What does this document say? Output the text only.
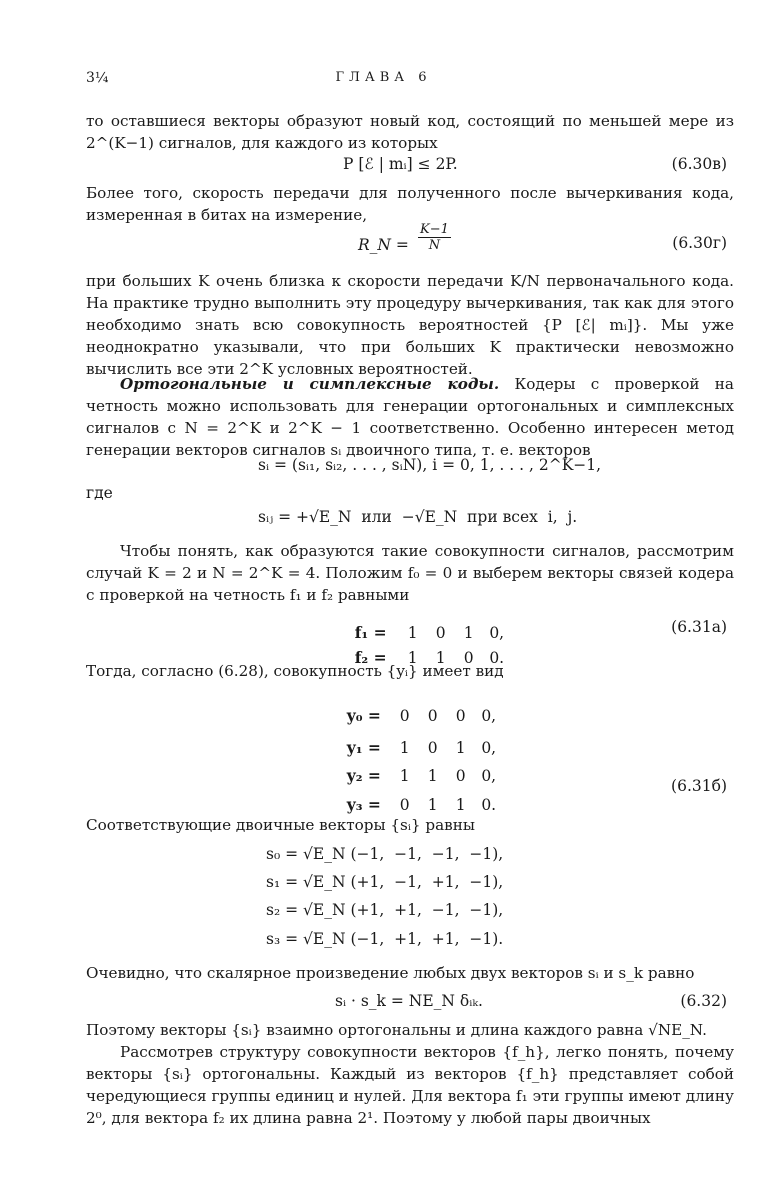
3¼	ГЛАВА 6
то оставшиеся векторы образуют новый код, состоящий по меньшей мере из 2^(K−1) сигналов, для каждого из которых
P [ℰ | mᵢ] ≤ 2P.	(6.30в)
Более того, скорость передачи для полученного после вычеркивания кода, измеренная в битах на измерение,
R_N = $\frac{K-1}{N}$	(6.30г)
при больших K очень близка к скорости передачи K/N первоначального кода. На практике трудно выполнить эту процедуру вычеркивания, так как для этого необходимо знать всю совокупность вероятностей {P [ℰ| mᵢ]}. Мы уже неоднократно указывали, что при больших K практически невозможно вычислить все эти 2^K условных вероятностей.
Ортогональные и симплексные коды. Кодеры с проверкой на четность можно использовать для генерации ортогональных и симплексных сигналов с N = 2^K и 2^K − 1 соответственно. Особенно интересен метод генерации векторов сигналов sᵢ двоичного типа, т. е. векторов
sᵢ = (sᵢ₁, sᵢ₂, . . . , sᵢN), i = 0, 1, . . . , 2^K−1,
где
sᵢⱼ = +√E_N  или  −√E_N  при всех  i,  j.
Чтобы понять, как образуются такие совокупности сигналов, рассмотрим случай K = 2 и N = 2^K = 4. Положим f₀ = 0 и выберем векторы связей кодера с проверкой на четность f₁ и f₂ равными

f₁ = 1 0 1 0,

f₂ = 1 1 0 0.

(6.31а)
Тогда, согласно (6.28), совокупность {yᵢ} имеет вид

y₀ = 0 0 0 0,

y₁ = 1 0 1 0,

y₂ = 1 1 0 0,

y₃ = 0 1 1 0.

(6.31б)
Соответствующие двоичные векторы {sᵢ} равны
s₀ = √E_N (−1,  −1,  −1,  −1),
s₁ = √E_N (+1,  −1,  +1,  −1),
s₂ = √E_N (+1,  +1,  −1,  −1),
s₃ = √E_N (−1,  +1,  +1,  −1).
Очевидно, что скалярное произведение любых двух векторов sᵢ и s_k равно
sᵢ · s_k = NE_N δᵢₖ.	(6.32)
Поэтому векторы {sᵢ} взаимно ортогональны и длина каждого равна √NE_N.
Рассмотрев структуру совокупности векторов {f_h}, легко понять, почему векторы {sᵢ} ортогональны. Каждый из векторов {f_h} представляет собой чередующиеся группы единиц и нулей. Для вектора f₁ эти группы имеют длину 2⁰, для вектора f₂ их длина равна 2¹. Поэтому у любой пары двоичных
